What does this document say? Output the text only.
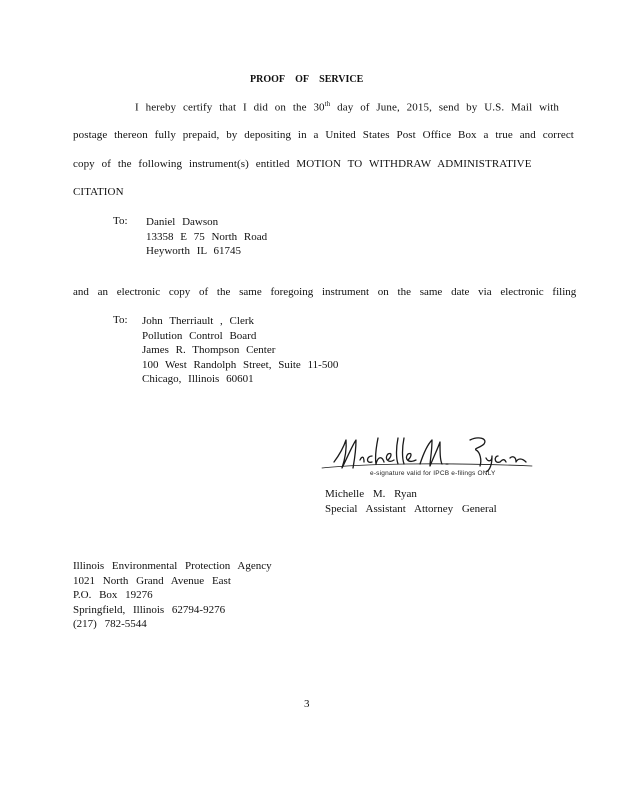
PROOF OF SERVICE
I hereby certify that I did on the 30th day of June, 2015, send by U.S. Mail with
postage thereon fully prepaid, by depositing in a United States Post Office Box a true and correct
copy of the following instrument(s) entitled MOTION TO WITHDRAW ADMINISTRATIVE
CITATION
To: Daniel Dawson
13358 E 75 North Road
Heyworth IL 61745
and an electronic copy of the same foregoing instrument on the same date via electronic filing
To: John Therriault , Clerk
Pollution Control Board
James R. Thompson Center
100 West Randolph Street, Suite 11-500
Chicago, Illinois 60601
e-signature valid for IPCB e-filings ONLY
Michelle M. Ryan
Special Assistant Attorney General
Illinois Environmental Protection Agency
1021 North Grand Avenue East
P.O. Box 19276
Springfield, Illinois 62794-9276
(217) 782-5544
3
